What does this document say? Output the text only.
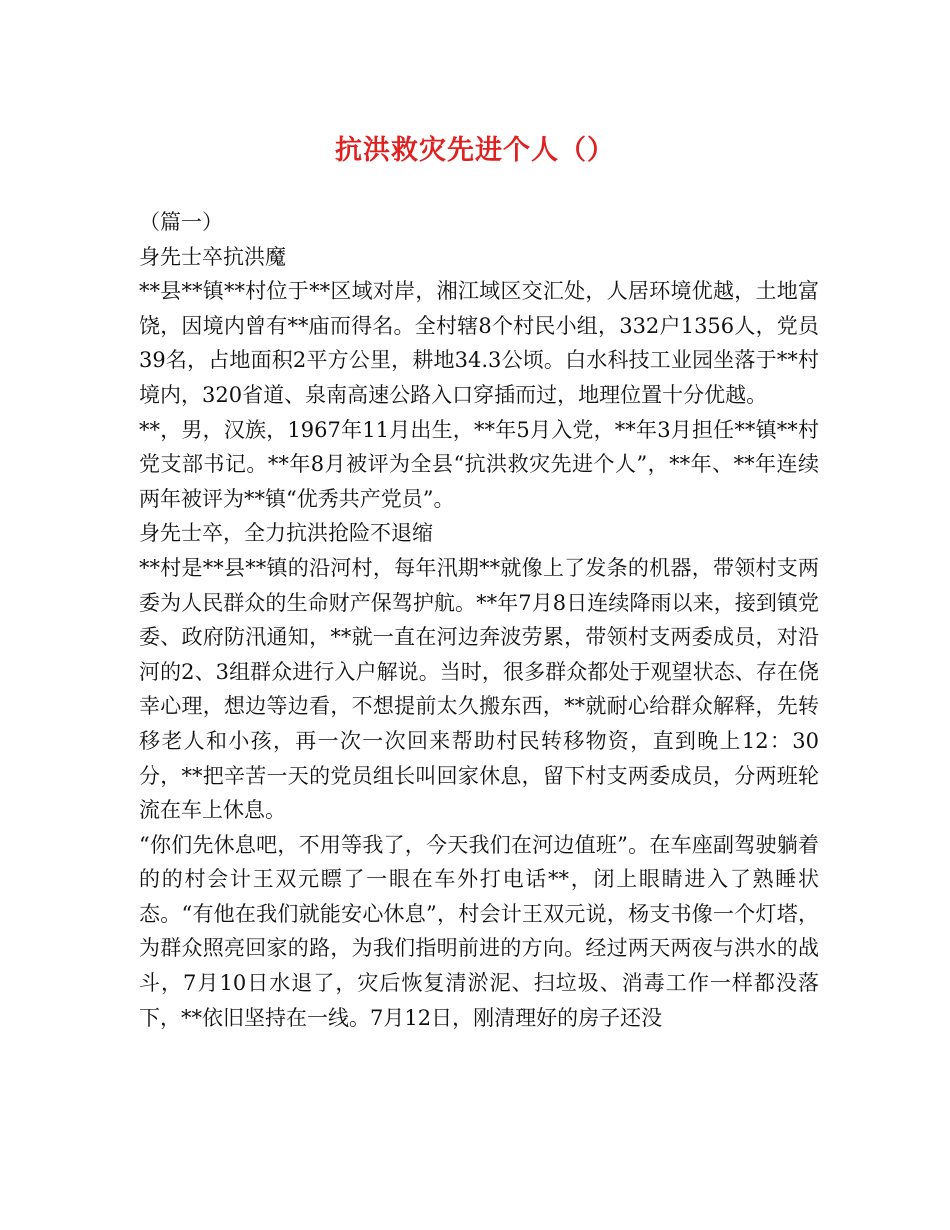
抗洪救灾先进个人（）

（篇一）

身先士卒抗洪魔

**县**镇**村位于**区域对岸，湘江域区交汇处，人居环境优越，土地富饶，因境内曾有**庙而得名。全村辖8个村民小组，332户1356人，党员39名，占地面积2平方公里，耕地34.3公顷。白水科技工业园坐落于**村境内，320省道、泉南高速公路入口穿插而过，地理位置十分优越。

**，男，汉族，1967年11月出生，**年5月入党，**年3月担任**镇**村党支部书记。**年8月被评为全县“抗洪救灾先进个人”，**年、**年连续两年被评为**镇“优秀共产党员”。

身先士卒，全力抗洪抢险不退缩

**村是**县**镇的沿河村，每年汛期**就像上了发条的机器，带领村支两委为人民群众的生命财产保驾护航。**年7月8日连续降雨以来，接到镇党委、政府防汛通知，**就一直在河边奔波劳累，带领村支两委成员，对沿河的2、3组群众进行入户解说。当时，很多群众都处于观望状态、存在侥幸心理，想边等边看，不想提前太久搬东西，**就耐心给群众解释，先转移老人和小孩，再一次一次回来帮助村民转移物资，直到晚上12：30分，**把辛苦一天的党员组长叫回家休息，留下村支两委成员，分两班轮流在车上休息。

“你们先休息吧，不用等我了，今天我们在河边值班”。在车座副驾驶躺着的的村会计王双元瞟了一眼在车外打电话**，闭上眼睛进入了熟睡状态。“有他在我们就能安心休息”，村会计王双元说，杨支书像一个灯塔，为群众照亮回家的路，为我们指明前进的方向。经过两天两夜与洪水的战斗，7月10日水退了，灾后恢复清淤泥、扫垃圾、消毒工作一样都没落下，**依旧坚持在一线。7月12日，刚清理好的房子还没
